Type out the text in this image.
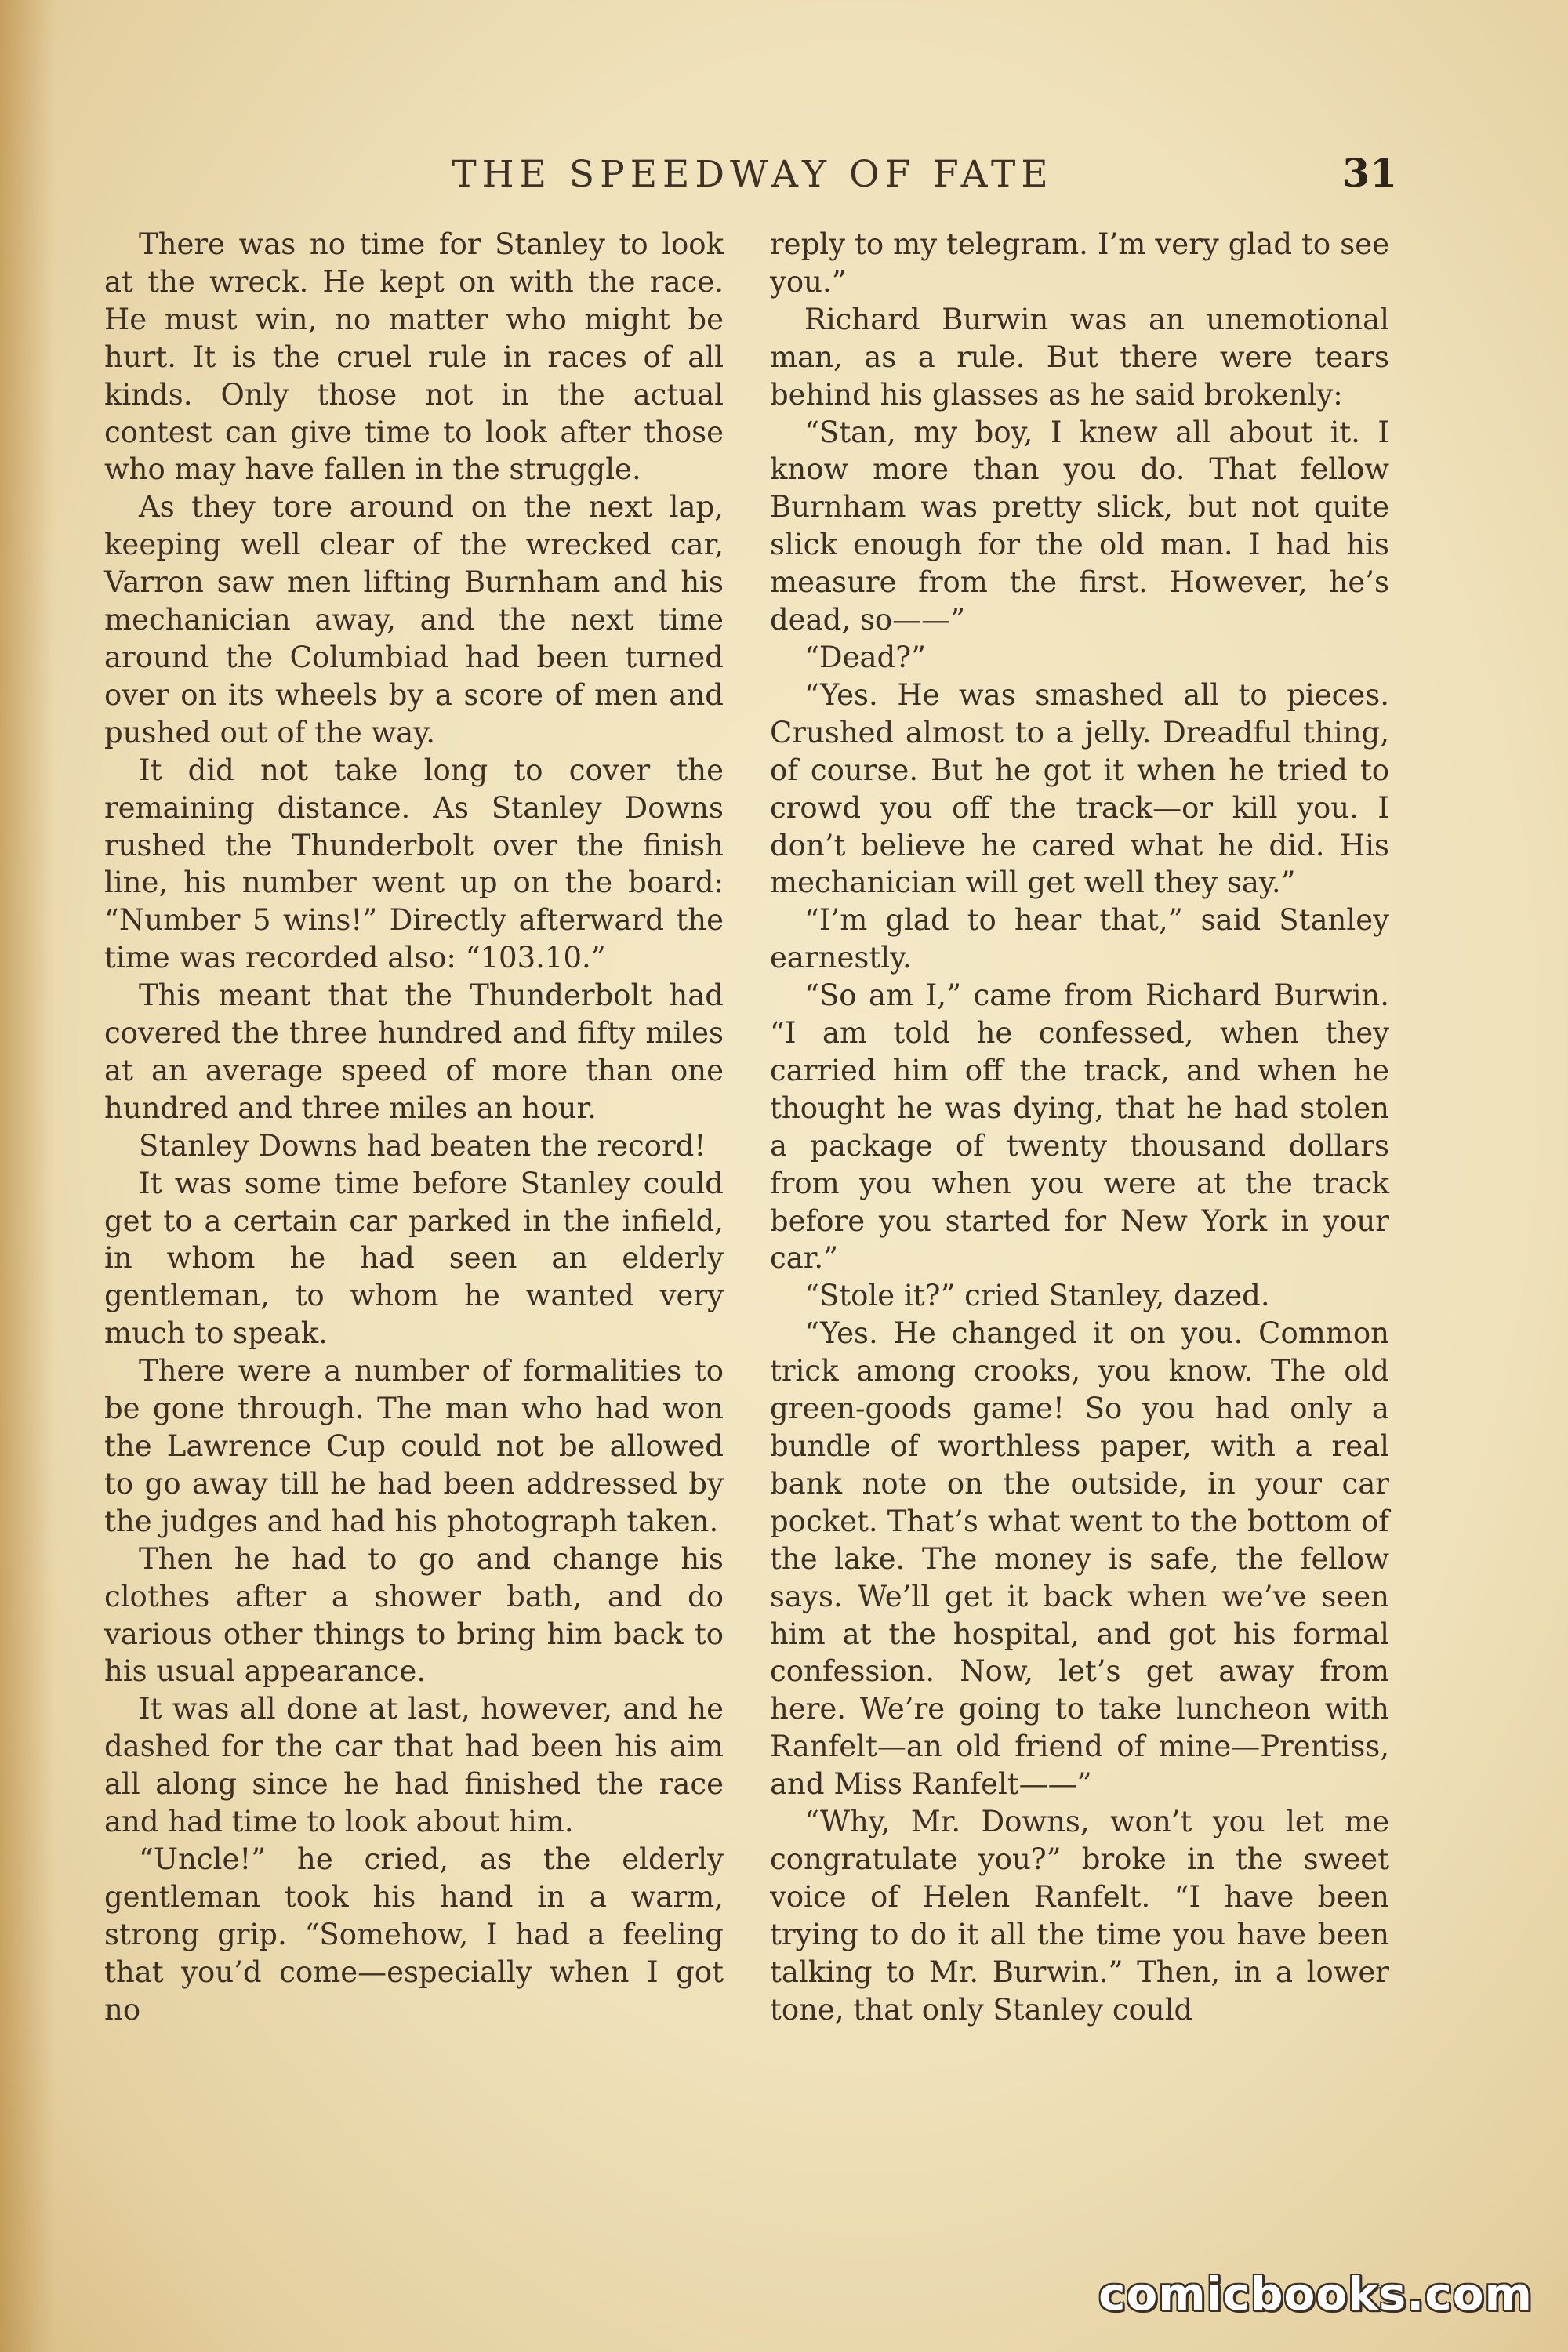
THE SPEEDWAY OF FATE	31

There was no time for Stanley to look at the wreck. He kept on with the race. He must win, no matter who might be hurt. It is the cruel rule in races of all kinds. Only those not in the actual contest can give time to look after those who may have fallen in the struggle.

As they tore around on the next lap, keeping well clear of the wrecked car, Varron saw men lifting Burnham and his mechanician away, and the next time around the Columbiad had been turned over on its wheels by a score of men and pushed out of the way.

It did not take long to cover the remaining distance. As Stanley Downs rushed the Thunderbolt over the finish line, his number went up on the board: “Number 5 wins!” Directly afterward the time was recorded also: “103.10.”

This meant that the Thunderbolt had covered the three hundred and fifty miles at an average speed of more than one hundred and three miles an hour.

Stanley Downs had beaten the record!

It was some time before Stanley could get to a certain car parked in the infield, in whom he had seen an elderly gentleman, to whom he wanted very much to speak.

There were a number of formalities to be gone through. The man who had won the Lawrence Cup could not be allowed to go away till he had been addressed by the judges and had his photograph taken.

Then he had to go and change his clothes after a shower bath, and do various other things to bring him back to his usual appearance.

It was all done at last, however, and he dashed for the car that had been his aim all along since he had finished the race and had time to look about him.

“Uncle!” he cried, as the elderly gentleman took his hand in a warm, strong grip. “Somehow, I had a feeling that you’d come—especially when I got no

reply to my telegram. I’m very glad to see you.”

Richard Burwin was an unemotional man, as a rule. But there were tears behind his glasses as he said brokenly:

“Stan, my boy, I knew all about it. I know more than you do. That fellow Burnham was pretty slick, but not quite slick enough for the old man. I had his measure from the first. However, he’s dead, so——”

“Dead?”

“Yes. He was smashed all to pieces. Crushed almost to a jelly. Dreadful thing, of course. But he got it when he tried to crowd you off the track—or kill you. I don’t believe he cared what he did. His mechanician will get well they say.”

“I’m glad to hear that,” said Stanley earnestly.

“So am I,” came from Richard Burwin. “I am told he confessed, when they carried him off the track, and when he thought he was dying, that he had stolen a package of twenty thousand dollars from you when you were at the track before you started for New York in your car.”

“Stole it?” cried Stanley, dazed.

“Yes. He changed it on you. Common trick among crooks, you know. The old green-goods game! So you had only a bundle of worthless paper, with a real bank note on the outside, in your car pocket. That’s what went to the bottom of the lake. The money is safe, the fellow says. We’ll get it back when we’ve seen him at the hospital, and got his formal confession. Now, let’s get away from here. We’re going to take luncheon with Ranfelt—an old friend of mine—Prentiss, and Miss Ranfelt——”

“Why, Mr. Downs, won’t you let me congratulate you?” broke in the sweet voice of Helen Ranfelt. “I have been trying to do it all the time you have been talking to Mr. Burwin.” Then, in a lower tone, that only Stanley could

comicbooks.com
